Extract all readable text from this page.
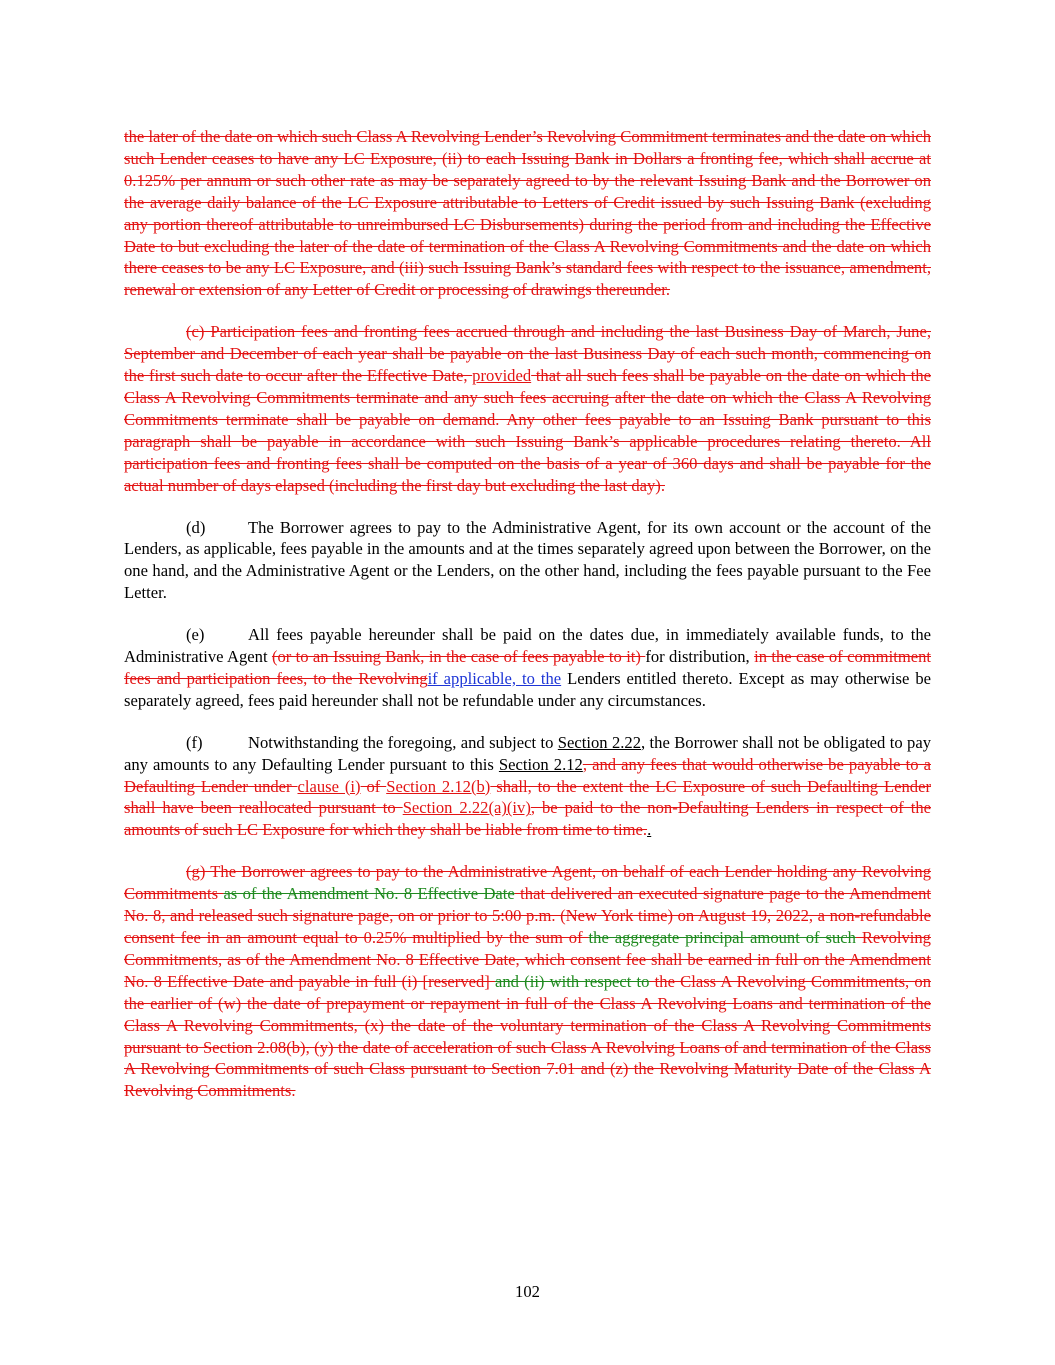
the later of the date on which such Class A Revolving Lender’s Revolving Commitment terminates and the date on which such Lender ceases to have any LC Exposure, (ii) to each Issuing Bank in Dollars a fronting fee, which shall accrue at 0.125% per annum or such other rate as may be separately agreed to by the relevant Issuing Bank and the Borrower on the average daily balance of the LC Exposure attributable to Letters of Credit issued by such Issuing Bank (excluding any portion thereof attributable to unreimbursed LC Disbursements) during the period from and including the Effective Date to but excluding the later of the date of termination of the Class A Revolving Commitments and the date on which there ceases to be any LC Exposure, and (iii) such Issuing Bank’s standard fees with respect to the issuance, amendment, renewal or extension of any Letter of Credit or processing of drawings thereunder.

(c) Participation fees and fronting fees accrued through and including the last Business Day of March, June, September and December of each year shall be payable on the last Business Day of each such month, commencing on the first such date to occur after the Effective Date, provided that all such fees shall be payable on the date on which the Class A Revolving Commitments terminate and any such fees accruing after the date on which the Class A Revolving Commitments terminate shall be payable on demand. Any other fees payable to an Issuing Bank pursuant to this paragraph shall be payable in accordance with such Issuing Bank’s applicable procedures relating thereto. All participation fees and fronting fees shall be computed on the basis of a year of 360 days and shall be payable for the actual number of days elapsed (including the first day but excluding the last day).

(d)	The Borrower agrees to pay to the Administrative Agent, for its own account or the account of the Lenders, as applicable, fees payable in the amounts and at the times separately agreed upon between the Borrower, on the one hand, and the Administrative Agent or the Lenders, on the other hand, including the fees payable pursuant to the Fee Letter.

(e)	All fees payable hereunder shall be paid on the dates due, in immediately available funds, to the Administrative Agent (or to an Issuing Bank, in the case of fees payable to it) for distribution, in the case of commitment fees and participation fees, to the Revolvingif applicable, to the Lenders entitled thereto. Except as may otherwise be separately agreed, fees paid hereunder shall not be refundable under any circumstances.

(f)	Notwithstanding the foregoing, and subject to Section 2.22, the Borrower shall not be obligated to pay any amounts to any Defaulting Lender pursuant to this Section 2.12, and any fees that would otherwise be payable to a Defaulting Lender under clause (i) of Section 2.12(b) shall, to the extent the LC Exposure of such Defaulting Lender shall have been reallocated pursuant to Section 2.22(a)(iv), be paid to the non-Defaulting Lenders in respect of the amounts of such LC Exposure for which they shall be liable from time to time..

(g) The Borrower agrees to pay to the Administrative Agent, on behalf of each Lender holding any Revolving Commitments as of the Amendment No. 8 Effective Date that delivered an executed signature page to the Amendment No. 8, and released such signature page, on or prior to 5:00 p.m. (New York time) on August 19, 2022, a non-refundable consent fee in an amount equal to 0.25% multiplied by the sum of the aggregate principal amount of such Revolving Commitments, as of the Amendment No. 8 Effective Date, which consent fee shall be earned in full on the Amendment No. 8 Effective Date and payable in full (i) [reserved] and (ii) with respect to the Class A Revolving Commitments, on the earlier of (w) the date of prepayment or repayment in full of the Class A Revolving Loans and termination of the Class A Revolving Commitments, (x) the date of the voluntary termination of the Class A Revolving Commitments pursuant to Section 2.08(b), (y) the date of acceleration of such Class A Revolving Loans of and termination of the Class A Revolving Commitments of such Class pursuant to Section 7.01 and (z) the Revolving Maturity Date of the Class A Revolving Commitments.

102
